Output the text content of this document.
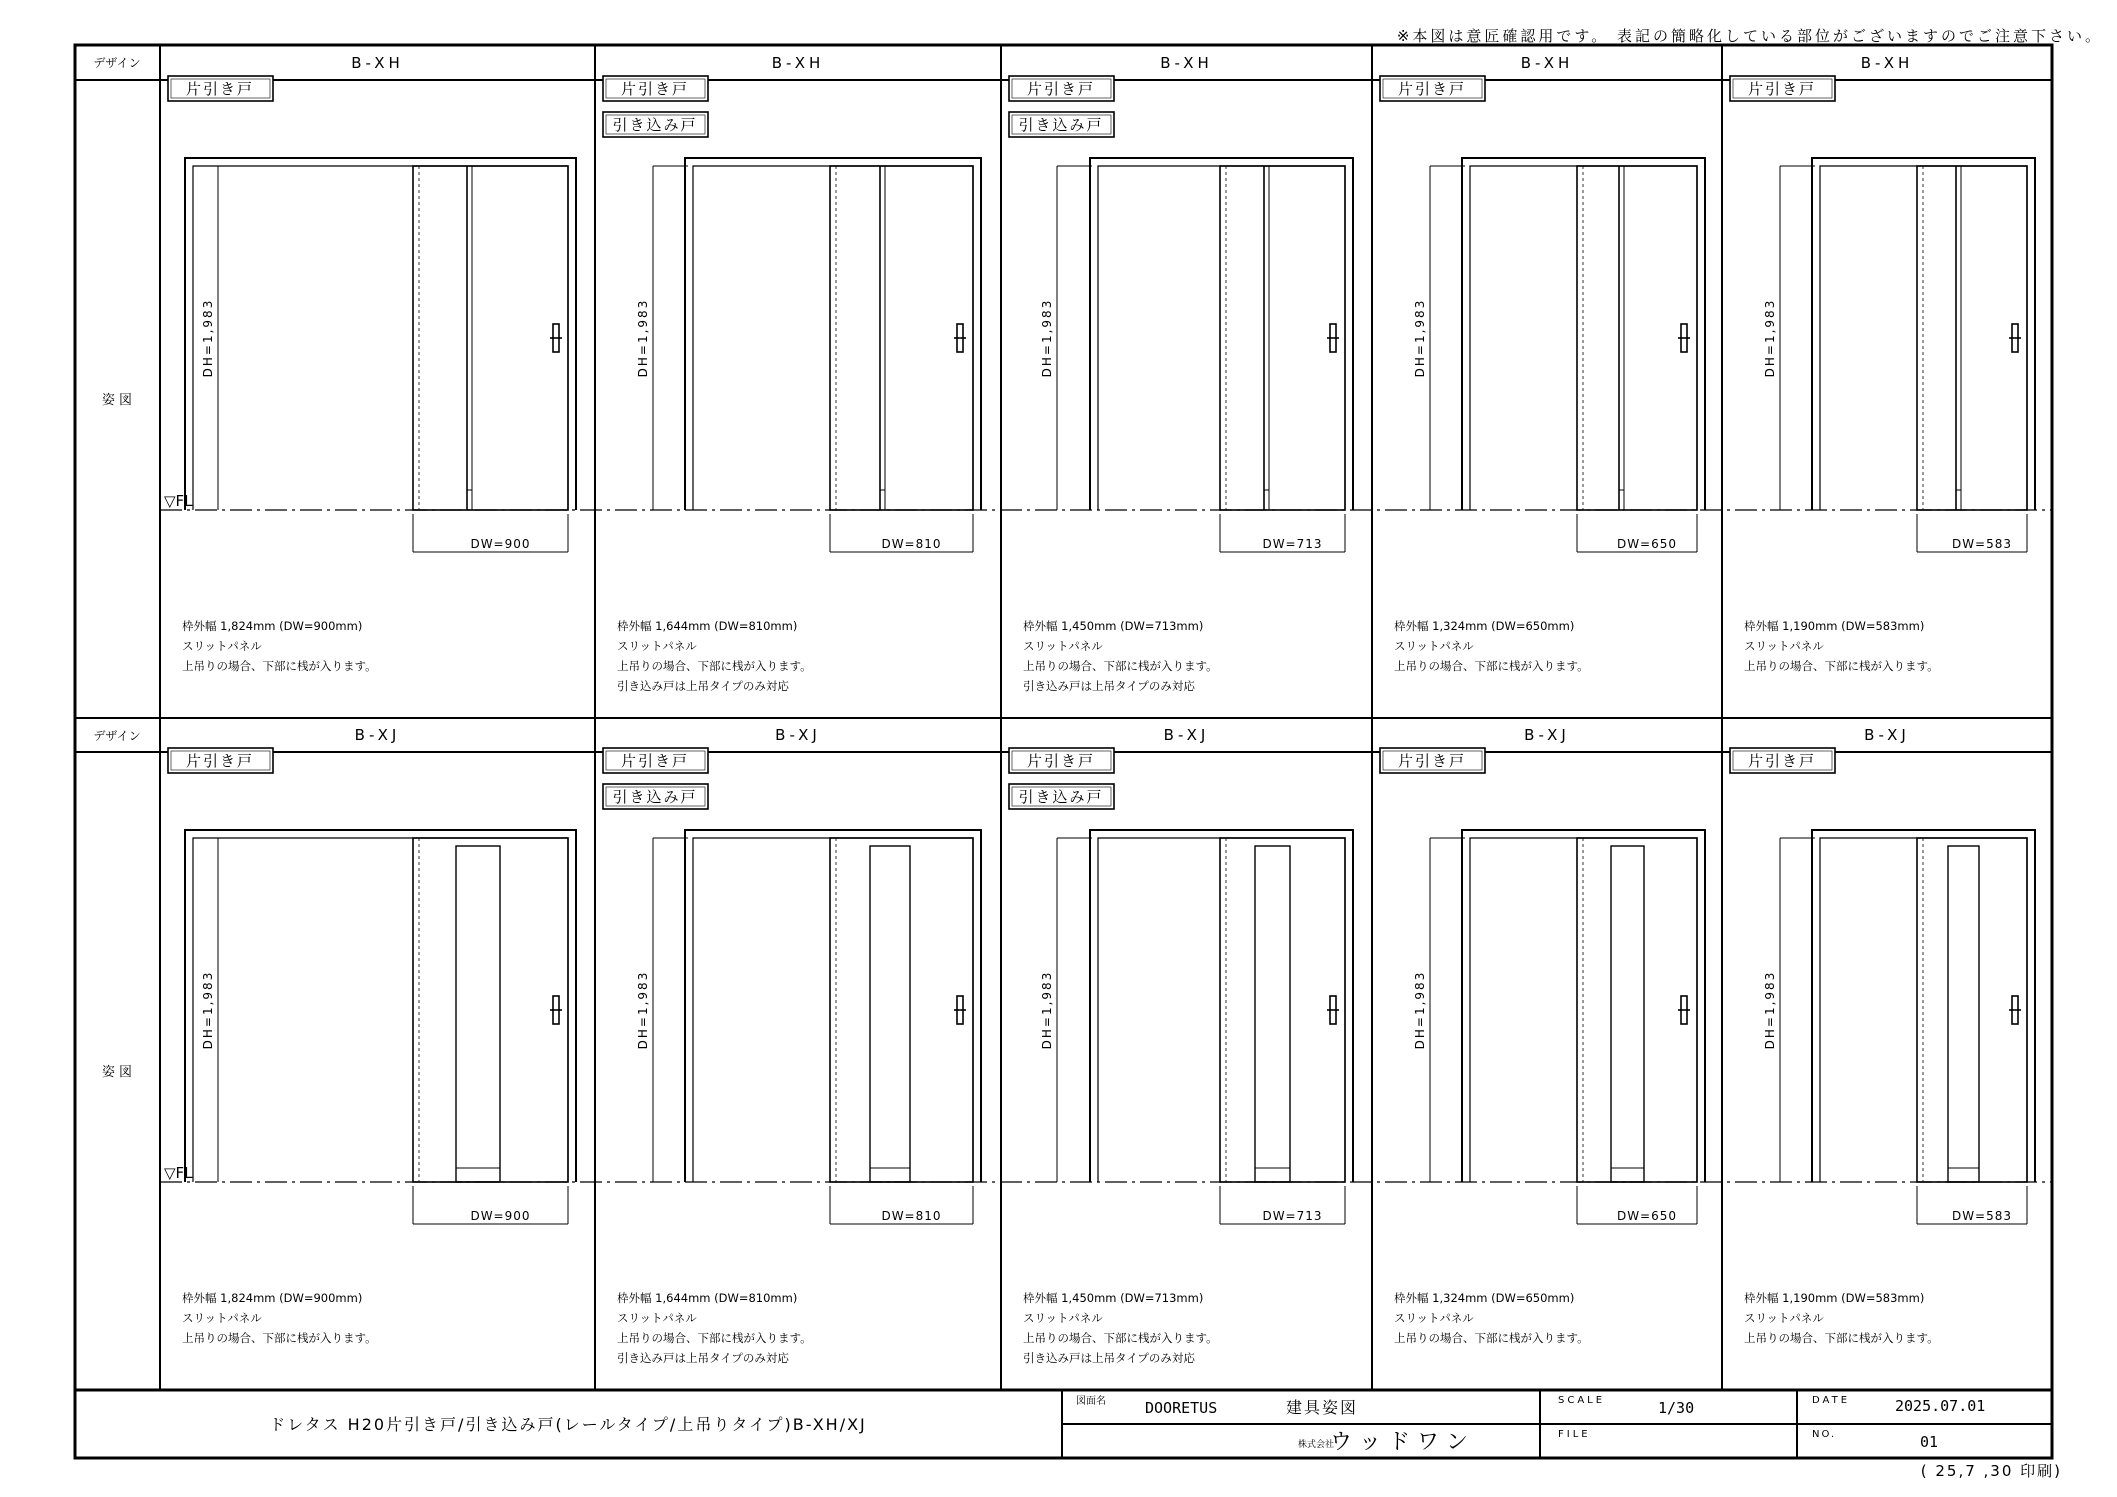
※本図は意匠確認用です。 表記の簡略化している部位がございますのでご注意下さい。
デザイン
デザイン
姿 図
姿 図
▽FL
▽FL
B-XH
片引き戸
DH=1,983
DW=900
枠外幅 1,824mm (DW=900mm)
スリットパネル
上吊りの場合、下部に桟が入ります。
B-XH
片引き戸
引き込み戸
DH=1,983
DW=810
枠外幅 1,644mm (DW=810mm)
スリットパネル
上吊りの場合、下部に桟が入ります。
引き込み戸は上吊タイプのみ対応
B-XH
片引き戸
引き込み戸
DH=1,983
DW=713
枠外幅 1,450mm (DW=713mm)
スリットパネル
上吊りの場合、下部に桟が入ります。
引き込み戸は上吊タイプのみ対応
B-XH
片引き戸
DH=1,983
DW=650
枠外幅 1,324mm (DW=650mm)
スリットパネル
上吊りの場合、下部に桟が入ります。
B-XH
片引き戸
DH=1,983
DW=583
枠外幅 1,190mm (DW=583mm)
スリットパネル
上吊りの場合、下部に桟が入ります。
B-XJ
片引き戸
DH=1,983
DW=900
枠外幅 1,824mm (DW=900mm)
スリットパネル
上吊りの場合、下部に桟が入ります。
B-XJ
片引き戸
引き込み戸
DH=1,983
DW=810
枠外幅 1,644mm (DW=810mm)
スリットパネル
上吊りの場合、下部に桟が入ります。
引き込み戸は上吊タイプのみ対応
B-XJ
片引き戸
引き込み戸
DH=1,983
DW=713
枠外幅 1,450mm (DW=713mm)
スリットパネル
上吊りの場合、下部に桟が入ります。
引き込み戸は上吊タイプのみ対応
B-XJ
片引き戸
DH=1,983
DW=650
枠外幅 1,324mm (DW=650mm)
スリットパネル
上吊りの場合、下部に桟が入ります。
B-XJ
片引き戸
DH=1,983
DW=583
枠外幅 1,190mm (DW=583mm)
スリットパネル
上吊りの場合、下部に桟が入ります。
ドレタス H20片引き戸/引き込み戸(レールタイプ/上吊りタイプ)B-XH/XJ
図面名	DOORETUS	建具姿図
株式会社
ウ ッ ド ワ ン
SCALE	1/30
FILE
DATE	2025.07.01
NO.	01
( 25,7 ,30 印刷)
